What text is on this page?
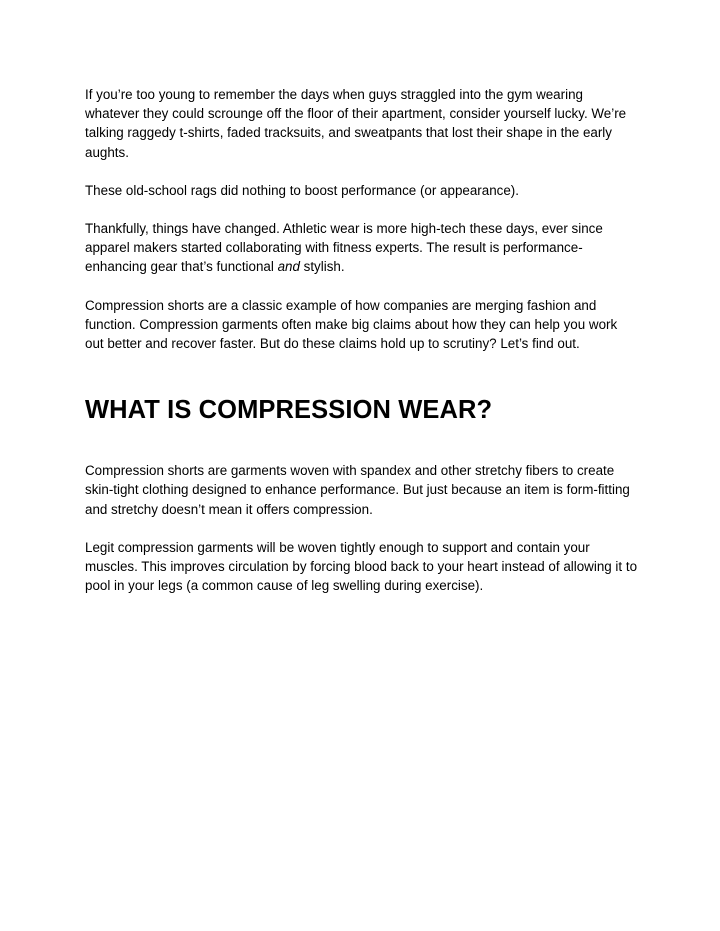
If you’re too young to remember the days when guys straggled into the gym wearing whatever they could scrounge off the floor of their apartment, consider yourself lucky. We’re talking raggedy t-shirts, faded tracksuits, and sweatpants that lost their shape in the early aughts.

These old-school rags did nothing to boost performance (or appearance).

Thankfully, things have changed. Athletic wear is more high-tech these days, ever since apparel makers started collaborating with fitness experts. The result is performance-enhancing gear that’s functional and stylish.

Compression shorts are a classic example of how companies are merging fashion and function. Compression garments often make big claims about how they can help you work out better and recover faster. But do these claims hold up to scrutiny? Let’s find out.

WHAT IS COMPRESSION WEAR?

Compression shorts are garments woven with spandex and other stretchy fibers to create skin-tight clothing designed to enhance performance. But just because an item is form-fitting and stretchy doesn’t mean it offers compression.

Legit compression garments will be woven tightly enough to support and contain your muscles. This improves circulation by forcing blood back to your heart instead of allowing it to pool in your legs (a common cause of leg swelling during exercise).
